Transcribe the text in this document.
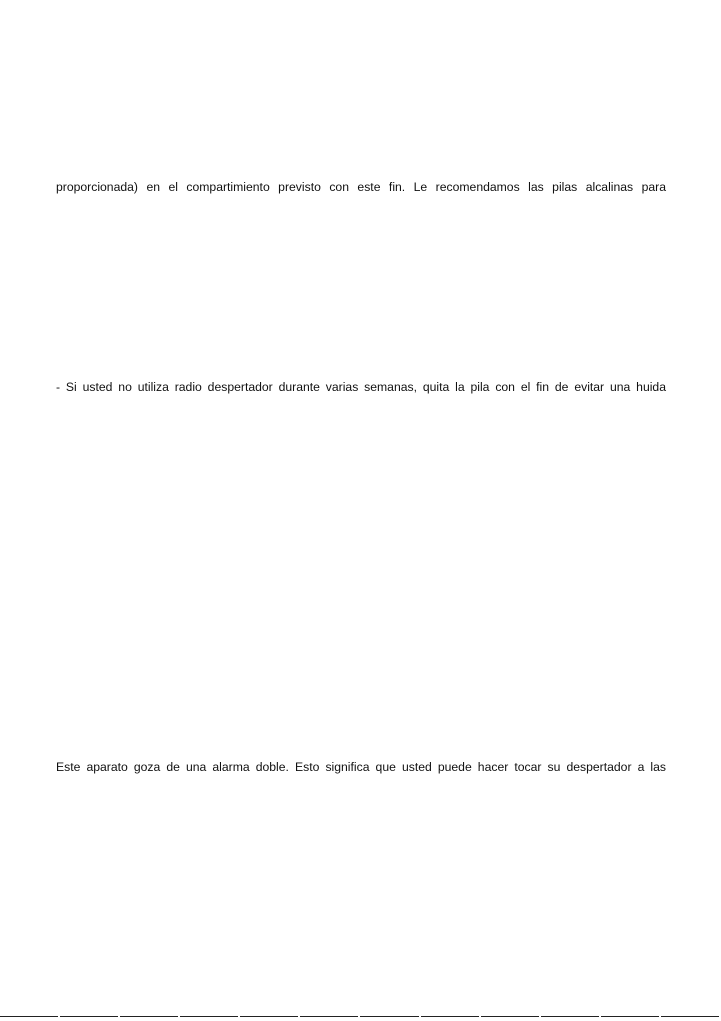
proporcionada) en el compartimiento previsto con este fin. Le recomendamos las pilas alcalinas para
- Si usted no utiliza radio despertador durante varias semanas, quita la pila con el fin de evitar una huida
Este aparato goza de una alarma doble. Esto significa que usted puede hacer tocar su despertador a las
